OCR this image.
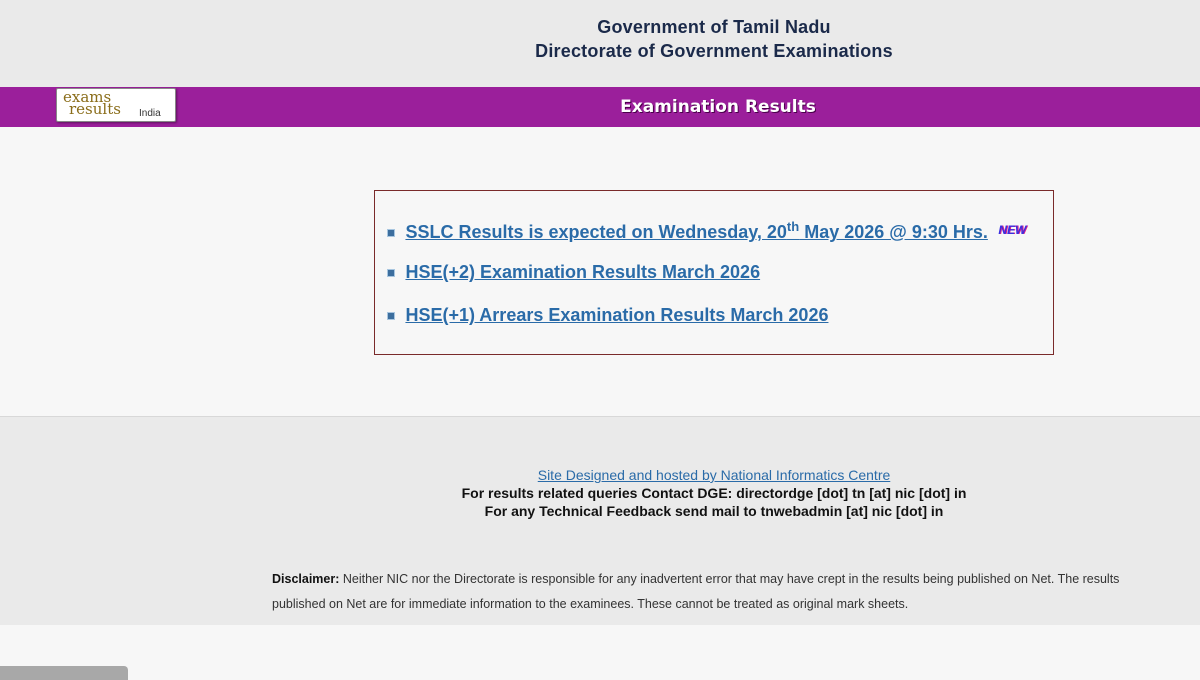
Government of Tamil Nadu
Directorate of Government Examinations
Examination Results
exams
results India
SSLC Results is expected on Wednesday, 20th May 2026 @ 9:30 Hrs. $^{NEW}$
HSE(+2) Examination Results March 2026
HSE(+1) Arrears Examination Results March 2026
Site Designed and hosted by National Informatics Centre
For results related queries Contact DGE: directordge [dot] tn [at] nic [dot] in
For any Technical Feedback send mail to tnwebadmin [at] nic [dot] in
Disclaimer: Neither NIC nor the Directorate is responsible for any inadvertent error that may have crept in the results being published on Net. The results published on Net are for immediate information to the examinees. These cannot be treated as original mark sheets.
